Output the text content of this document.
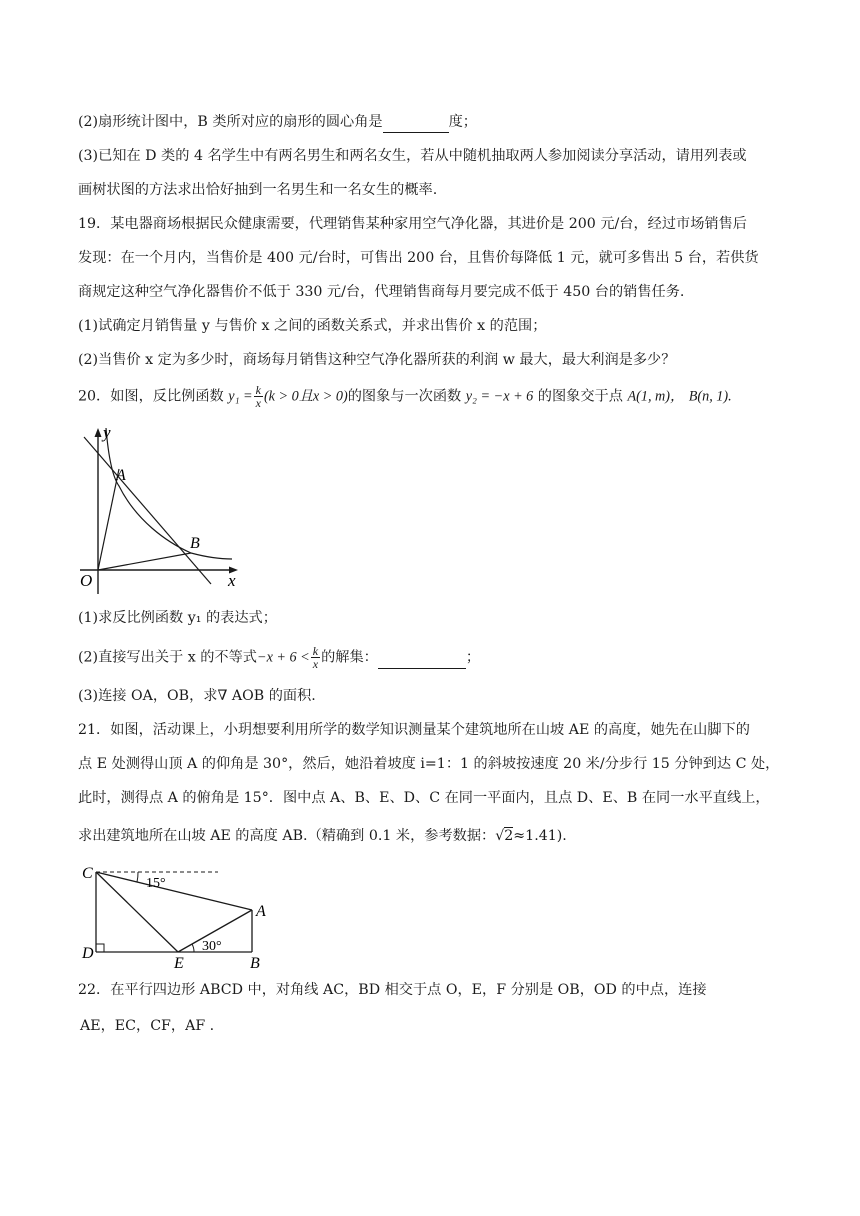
(2)扇形统计图中，B 类所对应的扇形的圆心角是	度；
(3)已知在 D 类的 4 名学生中有两名男生和两名女生，若从中随机抽取两人参加阅读分享活动，请用列表或
画树状图的方法求出恰好抽到一名男生和一名女生的概率.
19．某电器商场根据民众健康需要，代理销售某种家用空气净化器，其进价是 200 元/台，经过市场销售后
发现：在一个月内，当售价是 400 元/台时，可售出 200 台，且售价每降低 1 元，就可多售出 5 台，若供货
商规定这种空气净化器售价不低于 330 元/台，代理销售商每月要完成不低于 450 台的销售任务.
(1)试确定月销售量 y 与售价 x 之间的函数关系式，并求出售价 x 的范围；
(2)当售价 x 定为多少时，商场每月销售这种空气净化器所获的利润 w 最大，最大利润是多少？
20．如图，反比例函数 $y_1 = \frac{k}{x} (k > 0$且x > 0)的图象与一次函数 y₂ = −x + 6 的图象交于点 A(1, m)， B(n, 1).
y
x
O
A
B
(1)求反比例函数 y₁ 的表达式；
(2)直接写出关于 x 的不等式$-x + 6 < \frac{k}{x}$ 的解集：	；
(3)连接 OA，OB，求∇ AOB 的面积.
21．如图，活动课上，小玥想要利用所学的数学知识测量某个建筑地所在山坡 AE 的高度，她先在山脚下的
点 E 处测得山顶 A 的仰角是 30°，然后，她沿着坡度 i=1：1 的斜坡按速度 20 米/分步行 15 分钟到达 C 处，
此时，测得点 A 的俯角是 15°．图中点 A、B、E、D、C 在同一平面内，且点 D、E、B 在同一水平直线上，
求出建筑地所在山坡 AE 的高度 AB.（精确到 0.1 米，参考数据：√2≈1.41).
C
A
D
E	B
15°
30°
22．在平行四边形 ABCD 中，对角线 AC，BD 相交于点 O，E，F 分别是 OB，OD 的中点，连接
AE，EC，CF，AF .
